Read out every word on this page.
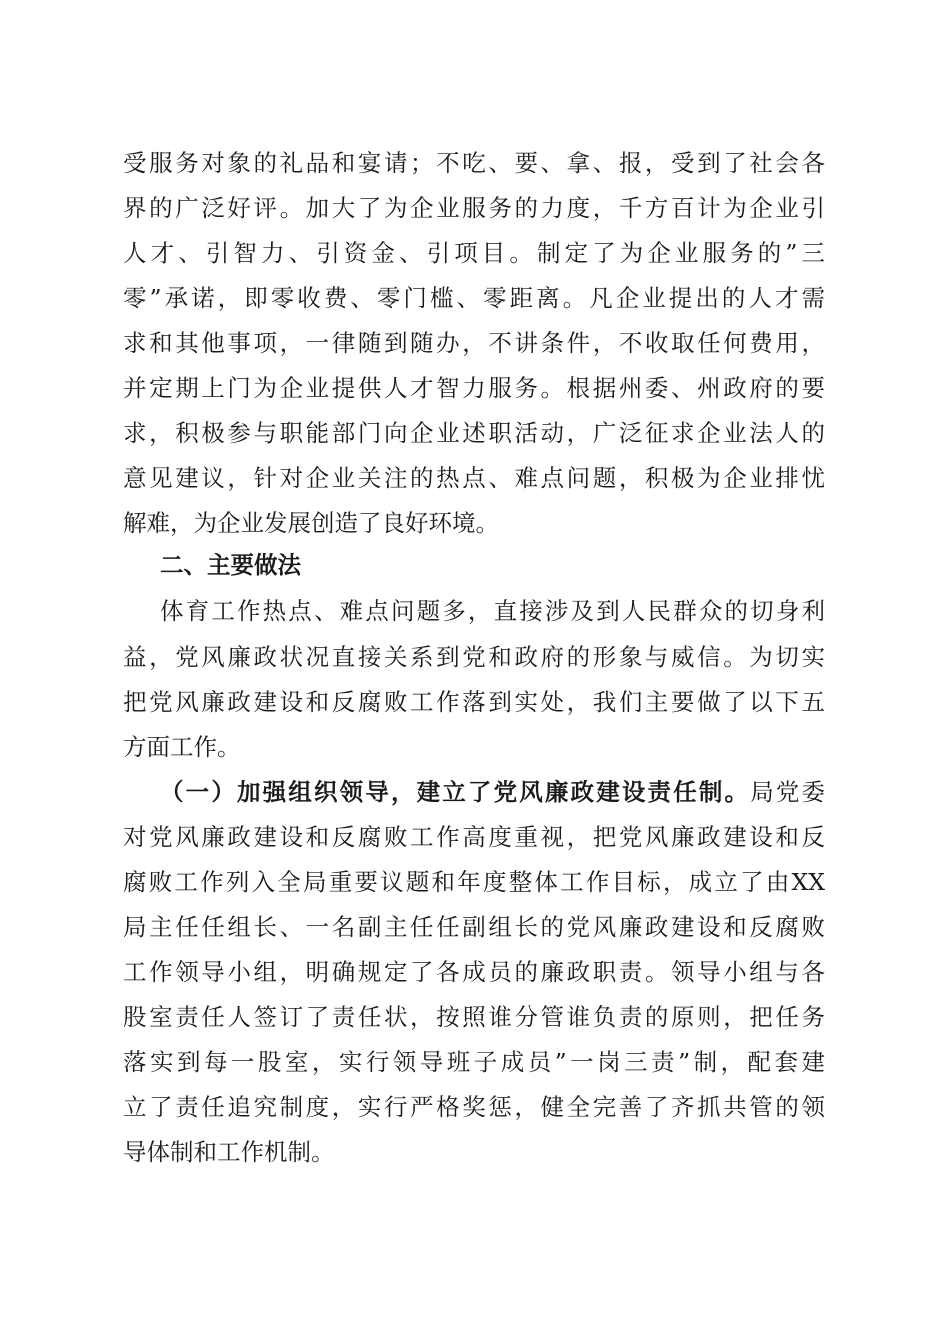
受服务对象的礼品和宴请；不吃、要、拿、报，受到了社会各
界的广泛好评。加大了为企业服务的力度，千方百计为企业引
人才、引智力、引资金、引项目。制定了为企业服务的”三
零”承诺，即零收费、零门槛、零距离。凡企业提出的人才需
求和其他事项，一律随到随办，不讲条件，不收取任何费用，
并定期上门为企业提供人才智力服务。根据州委、州政府的要
求，积极参与职能部门向企业述职活动，广泛征求企业法人的
意见建议，针对企业关注的热点、难点问题，积极为企业排忧
解难，为企业发展创造了良好环境。
二、主要做法
体育工作热点、难点问题多，直接涉及到人民群众的切身利
益，党风廉政状况直接关系到党和政府的形象与威信。为切实
把党风廉政建设和反腐败工作落到实处，我们主要做了以下五
方面工作。
（一）加强组织领导，建立了党风廉政建设责任制。局党委
对党风廉政建设和反腐败工作高度重视，把党风廉政建设和反
腐败工作列入全局重要议题和年度整体工作目标，成立了由XX
局主任任组长、一名副主任任副组长的党风廉政建设和反腐败
工作领导小组，明确规定了各成员的廉政职责。领导小组与各
股室责任人签订了责任状，按照谁分管谁负责的原则，把任务
落实到每一股室，实行领导班子成员”一岗三责”制，配套建
立了责任追究制度，实行严格奖惩，健全完善了齐抓共管的领
导体制和工作机制。
